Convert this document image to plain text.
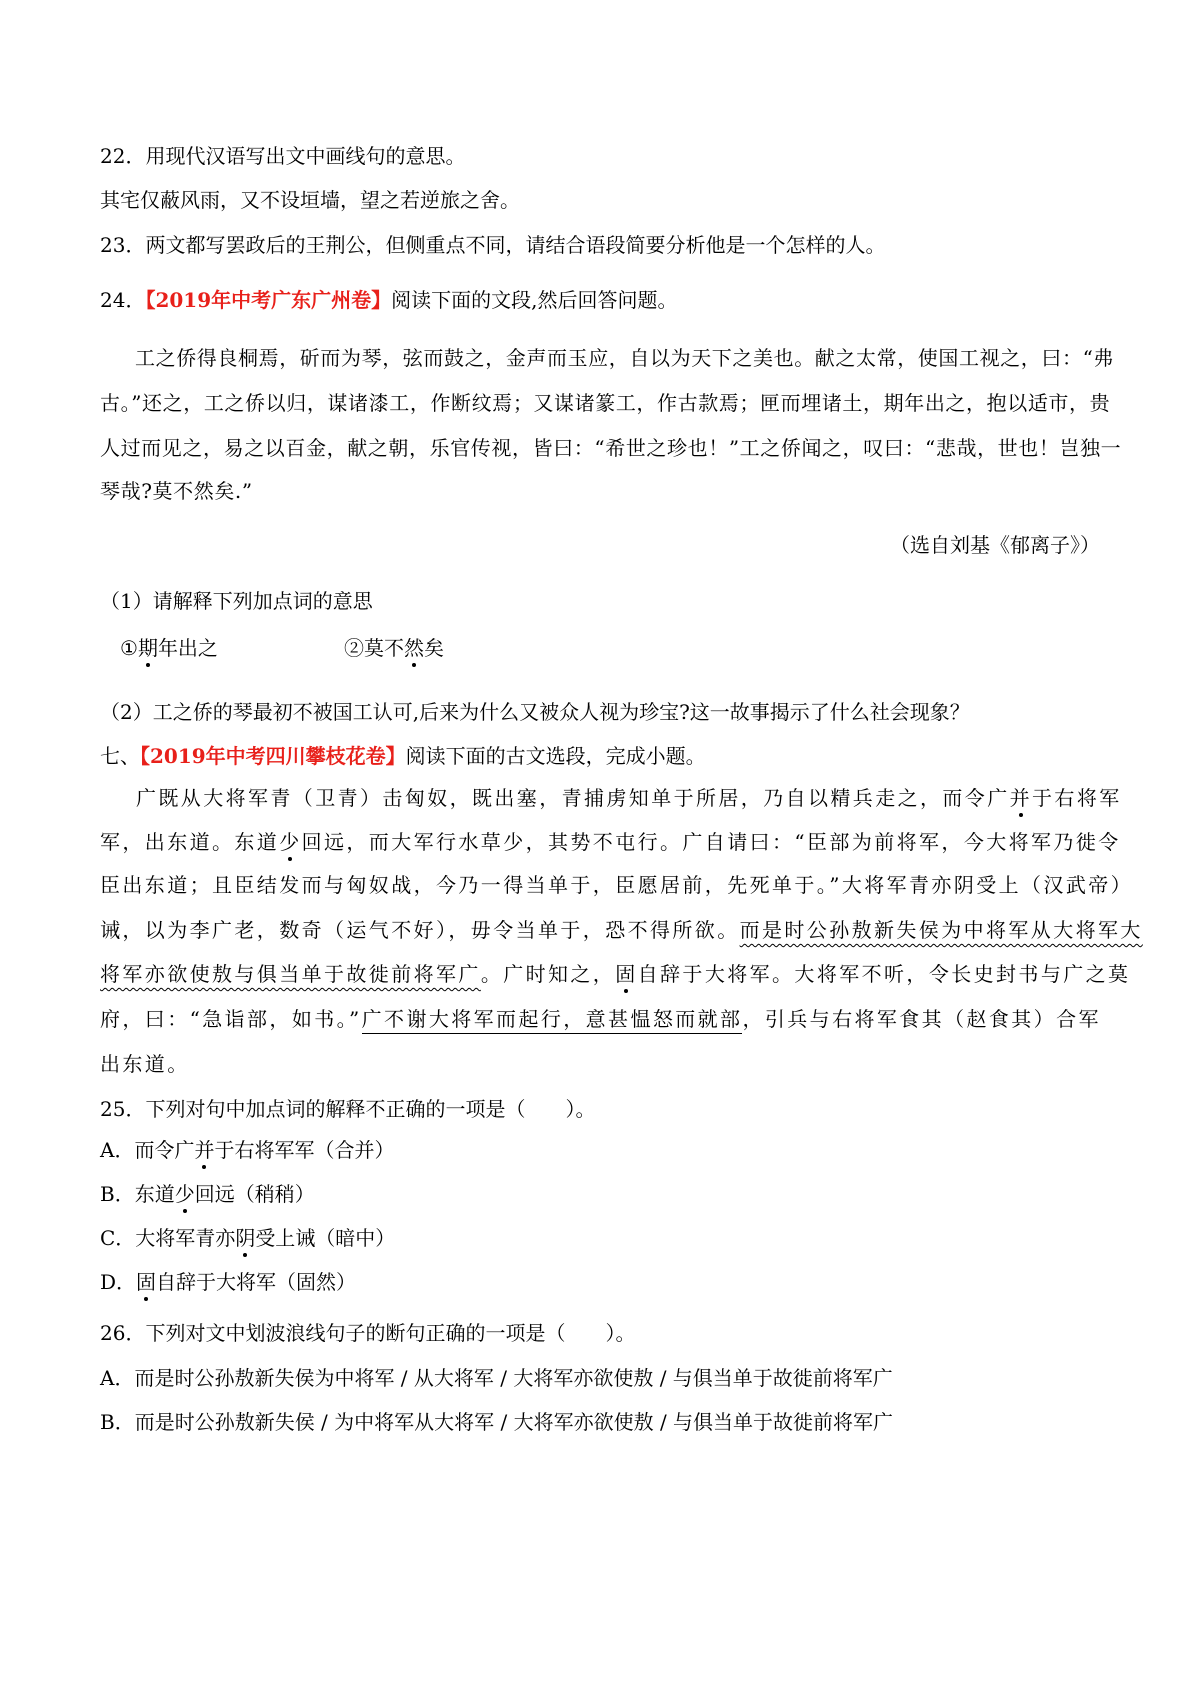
22．用现代汉语写出文中画线句的意思。
其宅仅蔽风雨，又不设垣墙，望之若逆旅之舍。
23．两文都写罢政后的王荆公，但侧重点不同，请结合语段简要分析他是一个怎样的人。
24．【2019年中考广东广州卷】阅读下面的文段,然后回答问题。
工之侨得良桐焉，斫而为琴，弦而鼓之，金声而玉应，自以为天下之美也。献之太常，使国工视之，曰：“弗
古。”还之，工之侨以归，谋诸漆工，作断纹焉；又谋诸篆工，作古款焉；匣而埋诸土，期年出之，抱以适市，贵
人过而见之，易之以百金，献之朝，乐官传视，皆曰：“希世之珍也！”工之侨闻之，叹曰：“悲哉，世也！岂独一
琴哉?莫不然矣.”
（选自刘基《郁离子》）
（1）请解释下列加点词的意思
①期年出之	②莫不然矣
（2）工之侨的琴最初不被国工认可,后来为什么又被众人视为珍宝?这一故事揭示了什么社会现象？
七、【2019年中考四川攀枝花卷】阅读下面的古文选段，完成小题。
广既从大将军青（卫青）击匈奴，既出塞，青捕虏知单于所居，乃自以精兵走之，而令广并于右将军
军，出东道。东道少回远，而大军行水草少，其势不屯行。广自请曰：“臣部为前将军，今大将军乃徙令
臣出东道；且臣结发而与匈奴战，今乃一得当单于，臣愿居前，先死单于。”大将军青亦阴受上（汉武帝）
诫，以为李广老，数奇（运气不好），毋令当单于，恐不得所欲。而是时公孙敖新失侯为中将军从大将军大
将军亦欲使敖与俱当单于故徙前将军广。广时知之，固自辞于大将军。大将军不听，令长史封书与广之莫
府，曰：“急诣部，如书。”广不谢大将军而起行，意甚愠怒而就部，引兵与右将军食其（赵食其）合军
出东道。
25．下列对句中加点词的解释不正确的一项是（　　）。
A．而令广并于右将军军（合并）
B．东道少回远（稍稍）
C．大将军青亦阴受上诫（暗中）
D．固自辞于大将军（固然）
26．下列对文中划波浪线句子的断句正确的一项是（　　）。
A．而是时公孙敖新失侯为中将军 / 从大将军 / 大将军亦欲使敖 / 与俱当单于故徙前将军广
B．而是时公孙敖新失侯 / 为中将军从大将军 / 大将军亦欲使敖 / 与俱当单于故徙前将军广
